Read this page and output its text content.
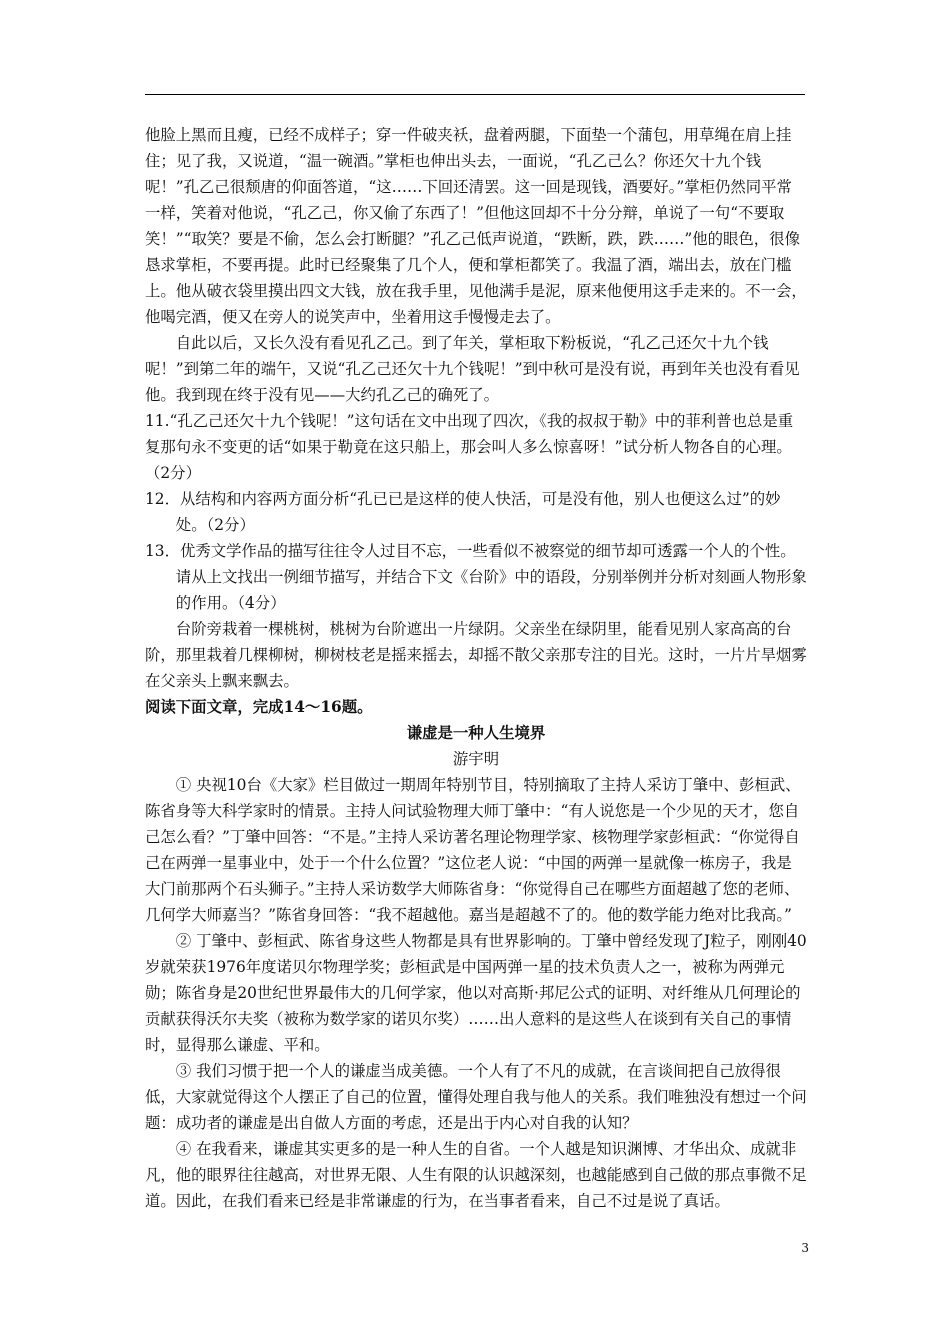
他脸上黑而且瘦，已经不成样子；穿一件破夹袄，盘着两腿，下面垫一个蒲包，用草绳在肩上挂住；见了我，又说道，“温一碗酒。”掌柜也伸出头去，一面说，“孔乙己么？你还欠十九个钱呢！”孔乙己很颓唐的仰面答道，“这……下回还清罢。这一回是现钱，酒要好。”掌柜仍然同平常一样，笑着对他说，“孔乙己，你又偷了东西了！”但他这回却不十分分辩，单说了一句“不要取笑！”“取笑？要是不偷，怎么会打断腿？”孔乙己低声说道，“跌断，跌，跌……”他的眼色，很像恳求掌柜，不要再提。此时已经聚集了几个人，便和掌柜都笑了。我温了酒，端出去，放在门槛上。他从破衣袋里摸出四文大钱，放在我手里，见他满手是泥，原来他便用这手走来的。不一会，他喝完酒，便又在旁人的说笑声中，坐着用这手慢慢走去了。

自此以后，又长久没有看见孔乙己。到了年关，掌柜取下粉板说，“孔乙己还欠十九个钱呢！”到第二年的端午，又说“孔乙己还欠十九个钱呢！”到中秋可是没有说，再到年关也没有看见他。我到现在终于没有见——大约孔乙己的确死了。

11.“孔乙己还欠十九个钱呢！”这句话在文中出现了四次，《我的叔叔于勒》中的菲利普也总是重复那句永不变更的话“如果于勒竟在这只船上，那会叫人多么惊喜呀！”试分析人物各自的心理。（2分）

12．从结构和内容两方面分析“孔已已是这样的使人快活，可是没有他，别人也便这么过”的妙处。（2分）

13．优秀文学作品的描写往往令人过目不忘，一些看似不被察觉的细节却可透露一个人的个性。请从上文找出一例细节描写，并结合下文《台阶》中的语段，分别举例并分析对刻画人物形象的作用。（4分）

台阶旁栽着一棵桃树，桃树为台阶遮出一片绿阴。父亲坐在绿阴里，能看见别人家高高的台阶，那里栽着几棵柳树，柳树枝老是摇来摇去，却摇不散父亲那专注的目光。这时，一片片旱烟雾在父亲头上飘来飘去。

阅读下面文章，完成14～16题。

谦虚是一种人生境界

游宇明

① 央视10台《大家》栏目做过一期周年特别节目，特别摘取了主持人采访丁肇中、彭桓武、陈省身等大科学家时的情景。主持人问试验物理大师丁肇中：“有人说您是一个少见的天才，您自己怎么看？”丁肇中回答：“不是。”主持人采访著名理论物理学家、核物理学家彭桓武：“你觉得自己在两弹一星事业中，处于一个什么位置？”这位老人说：“中国的两弹一星就像一栋房子，我是大门前那两个石头狮子。”主持人采访数学大师陈省身：“你觉得自己在哪些方面超越了您的老师、几何学大师嘉当？”陈省身回答：“我不超越他。嘉当是超越不了的。他的数学能力绝对比我高。”

② 丁肇中、彭桓武、陈省身这些人物都是具有世界影响的。丁肇中曾经发现了J粒子，刚刚40岁就荣获1976年度诺贝尔物理学奖；彭桓武是中国两弹一星的技术负责人之一，被称为两弹元勋；陈省身是20世纪世界最伟大的几何学家，他以对高斯·邦尼公式的证明、对纤维从几何理论的贡献获得沃尔夫奖（被称为数学家的诺贝尔奖）……出人意料的是这些人在谈到有关自己的事情时，显得那么谦虚、平和。

③ 我们习惯于把一个人的谦虚当成美德。一个人有了不凡的成就，在言谈间把自己放得很低，大家就觉得这个人摆正了自己的位置，懂得处理自我与他人的关系。我们唯独没有想过一个问题：成功者的谦虚是出自做人方面的考虑，还是出于内心对自我的认知？

④ 在我看来，谦虚其实更多的是一种人生的自省。一个人越是知识渊博、才华出众、成就非凡，他的眼界往往越高，对世界无限、人生有限的认识越深刻，也越能感到自己做的那点事微不足道。因此，在我们看来已经是非常谦虚的行为，在当事者看来，自己不过是说了真话。

3
